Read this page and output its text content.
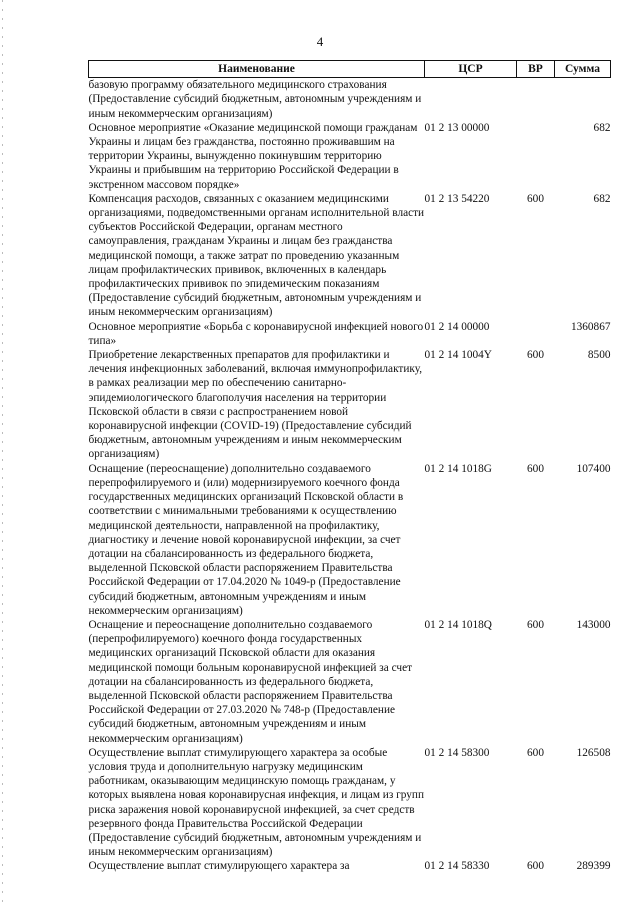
4
Наименование	ЦСР	ВР	Сумма
базовую программу обязательного медицинского страхования (Предоставление субсидий бюджетным, автономным учреждениям и иным некоммерческим организациям)			
Основное мероприятие «Оказание медицинской помощи гражданам Украины и лицам без гражданства, постоянно проживавшим на территории Украины, вынужденно покинувшим территорию Украины и прибывшим на территорию Российской Федерации в экстренном массовом порядке»	01 2 13 00000		682
Компенсация расходов, связанных с оказанием медицинскими организациями, подведомственными органам исполнительной власти субъектов Российской Федерации, органам местного самоуправления, гражданам Украины и лицам без гражданства медицинской помощи, а также затрат по проведению указанным лицам профилактических прививок, включенных в календарь профилактических прививок по эпидемическим показаниям (Предоставление субсидий бюджетным, автономным учреждениям и иным некоммерческим организациям)	01 2 13 54220	600	682
Основное мероприятие «Борьба с коронавирусной инфекцией нового типа»	01 2 14 00000		1360867
Приобретение лекарственных препаратов для профилактики и лечения инфекционных заболеваний, включая иммунопрофилактику, в рамках реализации мер по обеспечению санитарно-эпидемиологического благополучия населения на территории Псковской области в связи с распространением новой коронавирусной инфекции (COVID-19) (Предоставление субсидий бюджетным, автономным учреждениям и иным некоммерческим организациям)	01 2 14 1004Y	600	8500
Оснащение (переоснащение) дополнительно создаваемого перепрофилируемого и (или) модернизируемого коечного фонда государственных медицинских организаций Псковской области в соответствии с минимальными требованиями к осуществлению медицинской деятельности, направленной на профилактику, диагностику и лечение новой коронавирусной инфекции, за счет дотации на сбалансированность из федерального бюджета, выделенной Псковской области распоряжением Правительства Российской Федерации от 17.04.2020 № 1049-р (Предоставление субсидий бюджетным, автономным учреждениям и иным некоммерческим организациям)	01 2 14 1018G	600	107400
Оснащение и переоснащение дополнительно создаваемого (перепрофилируемого) коечного фонда государственных медицинских организаций Псковской области для оказания медицинской помощи больным коронавирусной инфекцией за счет дотации на сбалансированность из федерального бюджета, выделенной Псковской области распоряжением Правительства Российской Федерации от 27.03.2020 № 748-р (Предоставление субсидий бюджетным, автономным учреждениям и иным некоммерческим организациям)	01 2 14 1018Q	600	143000
Осуществление выплат стимулирующего характера за особые условия труда и дополнительную нагрузку медицинским работникам, оказывающим медицинскую помощь гражданам, у которых выявлена новая коронавирусная инфекция, и лицам из групп риска заражения новой коронавирусной инфекцией, за счет средств резервного фонда Правительства Российской Федерации (Предоставление субсидий бюджетным, автономным учреждениям и иным некоммерческим организациям)	01 2 14 58300	600	126508
Осуществление выплат стимулирующего характера за	01 2 14 58330	600	289399
